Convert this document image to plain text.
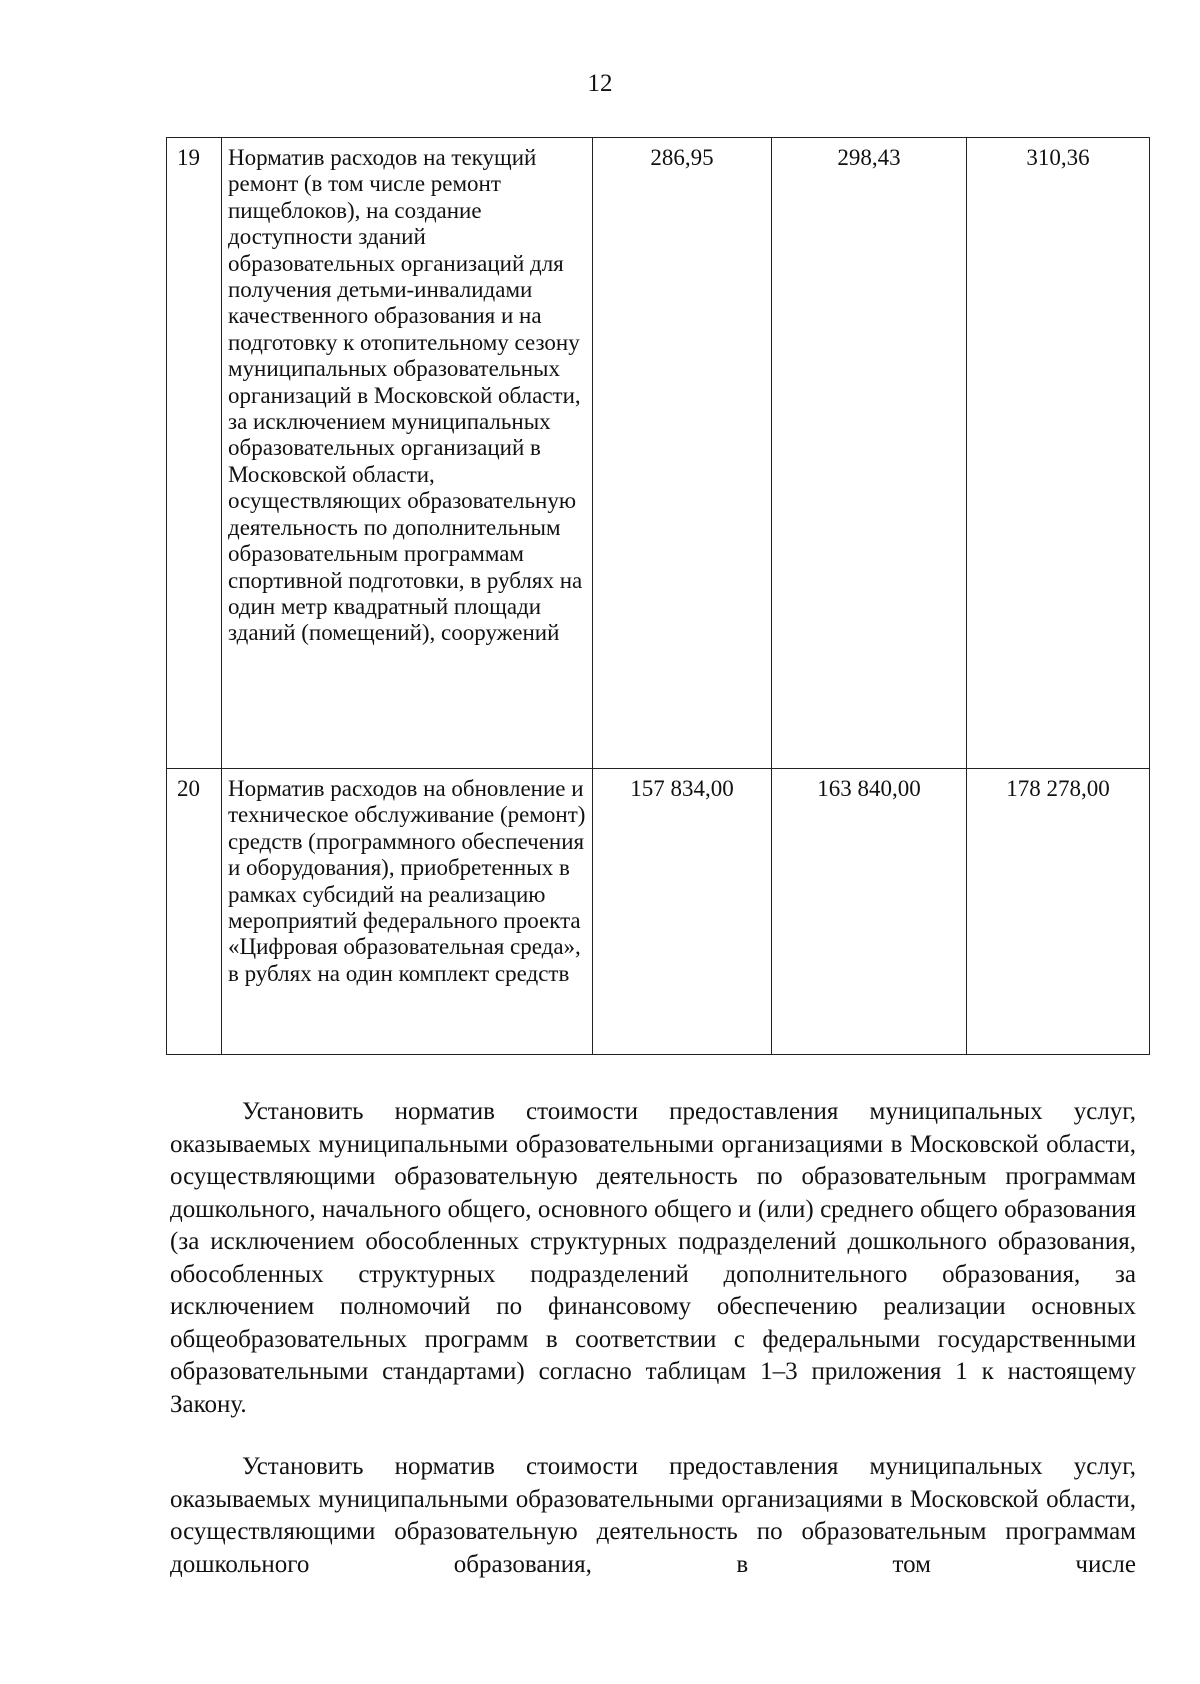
12
19	Норматив расходов на текущий ремонт (в том числе ремонт пищеблоков), на создание доступности зданий образовательных организаций для получения детьми-инвалидами качественного образования и на подготовку к отопительному сезону муниципальных образовательных организаций в Московской области, за исключением муниципальных образовательных организаций в Московской области, осуществляющих образовательную деятельность по дополнительным образовательным программам спортивной подготовки, в рублях на один метр квадратный площади зданий (помещений), сооружений	286,95	298,43	310,36
20	Норматив расходов на обновление и техническое обслуживание (ремонт) средств (программного обеспечения и оборудования), приобретенных в рамках субсидий на реализацию мероприятий федерального проекта «Цифровая образовательная среда», в рублях на один комплект средств	157 834,00	163 840,00	178 278,00

Установить норматив стоимости предоставления муниципальных услуг, оказываемых муниципальными образовательными организациями в Московской области, осуществляющими образовательную деятельность по образовательным программам дошкольного, начального общего, основного общего и (или) среднего общего образования (за исключением обособленных структурных подразделений дошкольного образования, обособленных структурных подразделений дополнительного образования, за исключением полномочий по финансовому обеспечению реализации основных общеобразовательных программ в соответствии с федеральными государственными образовательными стандартами) согласно таблицам 1–3 приложения 1 к настоящему Закону.

Установить норматив стоимости предоставления муниципальных услуг, оказываемых муниципальными образовательными организациями в Московской области, осуществляющими образовательную деятельность по образовательным программам дошкольного образования, в том числе
